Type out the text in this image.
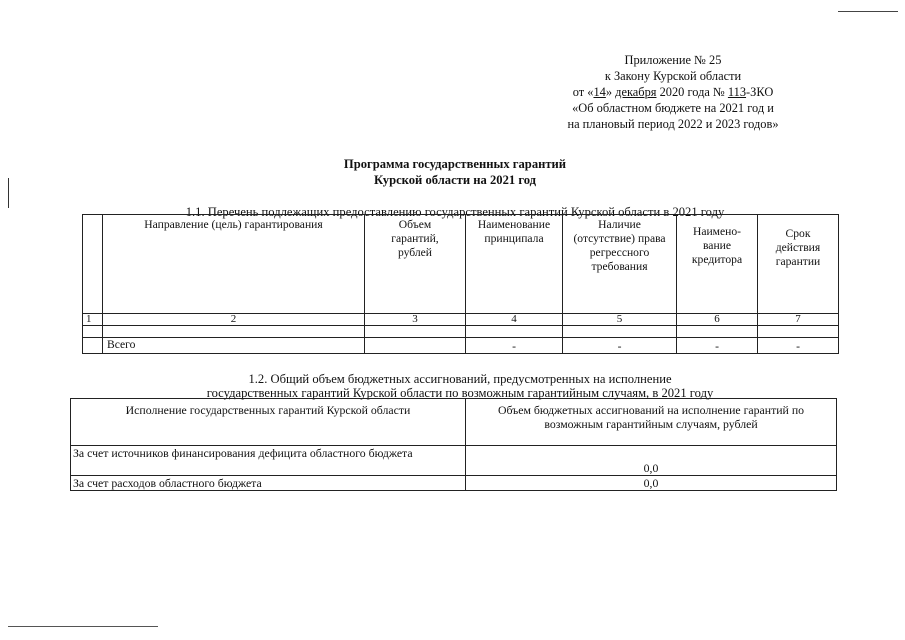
Приложение № 25
к Закону Курской области
от «14» декабря 2020 года № 113-ЗКО
«Об областном бюджете на 2021 год и
на плановый период 2022 и 2023 годов»
Программа государственных гарантий
Курской области на 2021 год
1.1. Перечень подлежащих предоставлению государственных гарантий Курской области в 2021 году
	Направление (цель) гарантирования	Объем гарантий, рублей	Наименование принципала	Наличие (отсутствие) права регрессного требования	Наимено-вание кредитора	Срок действия гарантии
1	2	3	4	5	6	7

	Всего		-	-	-	-
1.2. Общий объем бюджетных ассигнований, предусмотренных на исполнение
государственных гарантий Курской области по возможным гарантийным случаям, в 2021 году
Исполнение государственных гарантий Курской области	Объем бюджетных ассигнований на исполнение гарантий по возможным гарантийным случаям, рублей
За счет источников финансирования дефицита областного бюджета	0,0
За счет расходов областного бюджета	0,0
